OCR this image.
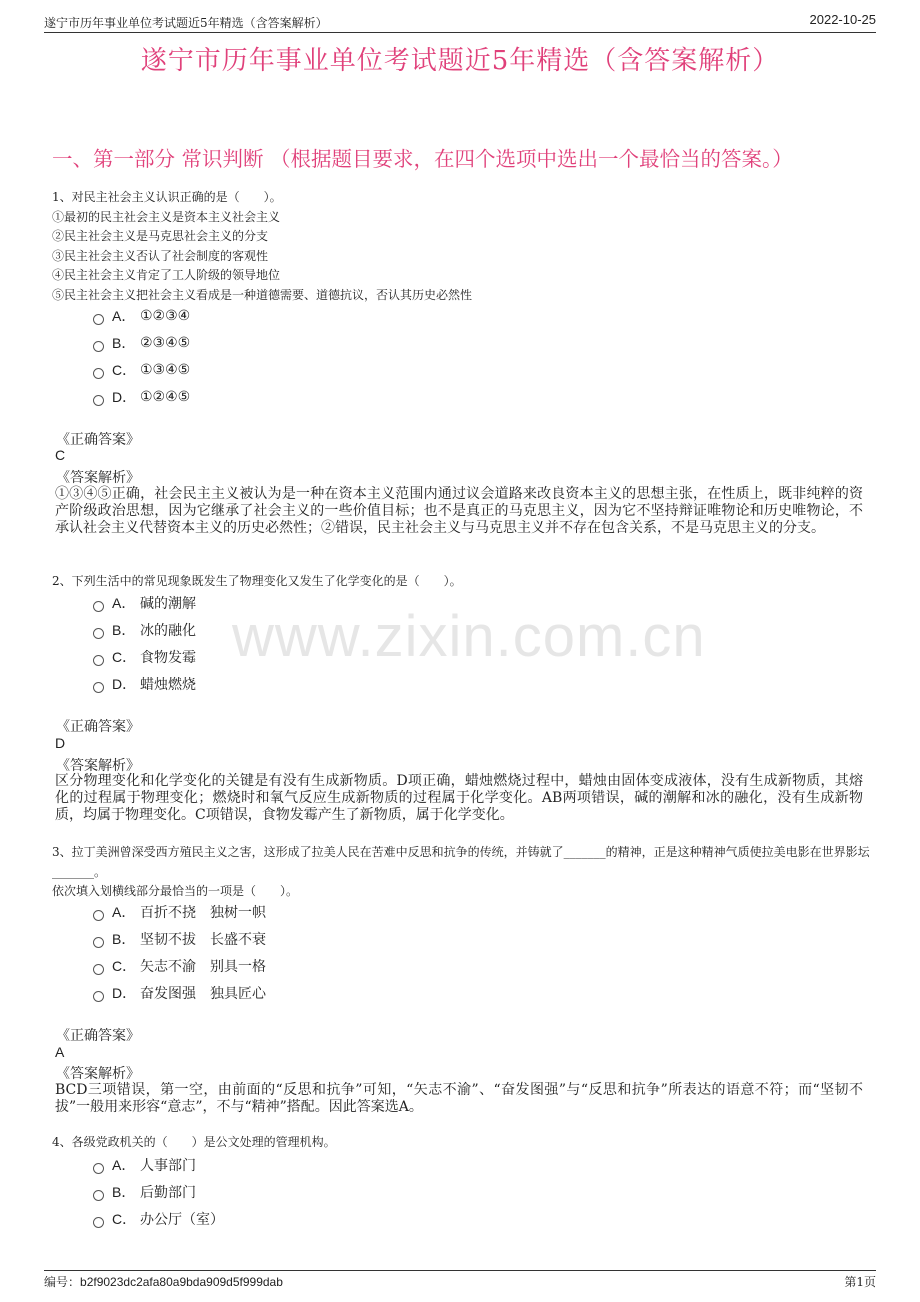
遂宁市历年事业单位考试题近5年精选（含答案解析）	2022-10-25
遂宁市历年事业单位考试题近5年精选（含答案解析）
一、第一部分 常识判断 （根据题目要求，在四个选项中选出一个最恰当的答案。）
www.zixin.com.cn
1、对民主社会主义认识正确的是（　　）。
①最初的民主社会主义是资本主义社会主义
②民主社会主义是马克思社会主义的分支
③民主社会主义否认了社会制度的客观性
④民主社会主义肯定了工人阶级的领导地位
⑤民主社会主义把社会主义看成是一种道德需要、道德抗议，否认其历史必然性
A． ①②③④
B． ②③④⑤
C． ①③④⑤
D． ①②④⑤
《正确答案》
C
《答案解析》
①③④⑤正确，社会民主主义被认为是一种在资本主义范围内通过议会道路来改良资本主义的思想主张，在性质上，既非纯粹的资产阶级政治思想，因为它继承了社会主义的一些价值目标；也不是真正的马克思主义，因为它不坚持辩证唯物论和历史唯物论，不承认社会主义代替资本主义的历史必然性；②错误，民主社会主义与马克思主义并不存在包含关系，不是马克思主义的分支。
2、下列生活中的常见现象既发生了物理变化又发生了化学变化的是（　　）。
A． 碱的潮解
B． 冰的融化
C． 食物发霉
D． 蜡烛燃烧
《正确答案》
D
《答案解析》
区分物理变化和化学变化的关键是有没有生成新物质。D项正确，蜡烛燃烧过程中，蜡烛由固体变成液体，没有生成新物质，其熔化的过程属于物理变化；燃烧时和氧气反应生成新物质的过程属于化学变化。AB两项错误，碱的潮解和冰的融化，没有生成新物质，均属于物理变化。C项错误，食物发霉产生了新物质，属于化学变化。
3、拉丁美洲曾深受西方殖民主义之害，这形成了拉美人民在苦难中反思和抗争的传统，并铸就了_______的精神，正是这种精神气质使拉美电影在世界影坛_______。
依次填入划横线部分最恰当的一项是（　　）。
A． 百折不挠　独树一帜
B． 坚韧不拔　长盛不衰
C． 矢志不渝　别具一格
D． 奋发图强　独具匠心
《正确答案》
A
《答案解析》
BCD三项错误，第一空，由前面的“反思和抗争”可知，“矢志不渝”、“奋发图强”与“反思和抗争”所表达的语意不符；而“坚韧不拔”一般用来形容“意志”，不与“精神”搭配。因此答案选A。
4、各级党政机关的（　　）是公文处理的管理机构。
A． 人事部门
B． 后勤部门
C． 办公厅（室）
编号：b2f9023dc2afa80a9bda909d5f999dab	第1页
